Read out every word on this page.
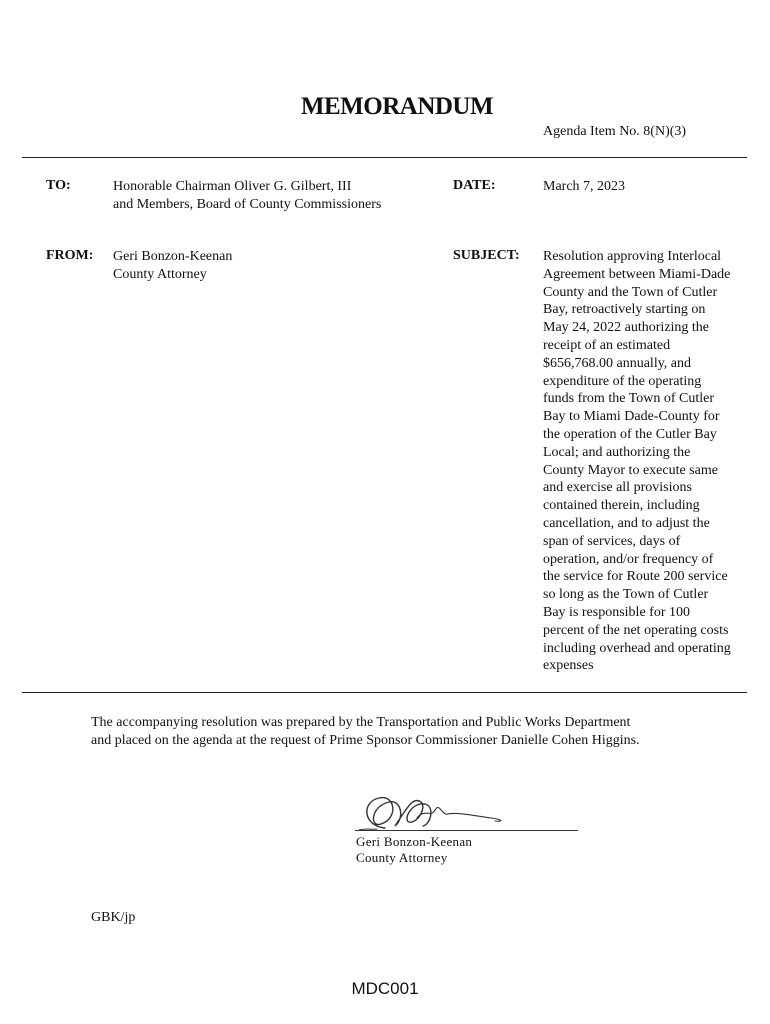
MEMORANDUM
Agenda Item No. 8(N)(3)
TO:	Honorable Chairman Oliver G. Gilbert, III
and Members, Board of County Commissioners
DATE:	March 7, 2023
FROM: Geri Bonzon-Keenan
County Attorney
SUBJECT: Resolution approving Interlocal
Agreement between Miami-Dade
County and the Town of Cutler
Bay, retroactively starting on
May 24, 2022 authorizing the
receipt of an estimated
$656,768.00 annually, and
expenditure of the operating
funds from the Town of Cutler
Bay to Miami Dade-County for
the operation of the Cutler Bay
Local; and authorizing the
County Mayor to execute same
and exercise all provisions
contained therein, including
cancellation, and to adjust the
span of services, days of
operation, and/or frequency of
the service for Route 200 service
so long as the Town of Cutler
Bay is responsible for 100
percent of the net operating costs
including overhead and operating
expenses
The accompanying resolution was prepared by the Transportation and Public Works Department
and placed on the agenda at the request of Prime Sponsor Commissioner Danielle Cohen Higgins.
Geri Bonzon-Keenan
County Attorney
GBK/jp
MDC001
